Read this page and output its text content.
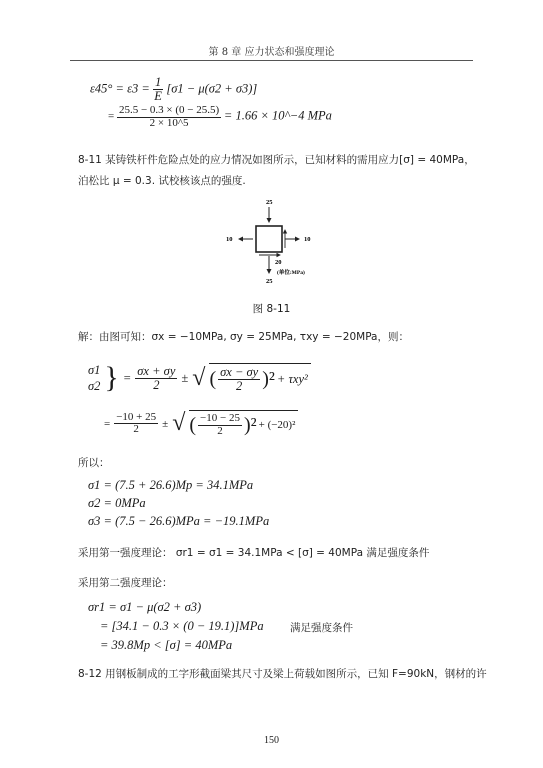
第 8 章 应力状态和强度理论
$\varepsilon 45^\circ = \varepsilon 3 = \frac{1}{E} [\sigma 1 - \mu(\sigma 2 + \sigma 3)]$
= $\frac{25.5 - 0.3 \times (0 - 25.5)}{2 \times 10\^{}5} = 1.66$ × 10^−4 MPa
8-11 某铸铁杆件危险点处的应力情况如图所示，已知材料的需用应力[σ] = 40MPa，
泊松比 μ = 0.3. 试校核该点的强度.
25
25
10	10
20
(单位:MPa)
图 8-11
解：由图可知：σx = −10MPa, σy = 25MPa, τxy = −20MPa，则：
σ1
σ2 } = $\frac{\sigma x + \sigma y}{2}$ ± √ ( $\frac{\sigma x - \sigma y}{2} )^2 + \tau xy^2$
= $\frac{-10 + 25}{2}$ ± √ ( $\frac{-10 - 25}{2} )^2 + (-20)^2$
所以：
σ1 = (7.5 + 26.6)Mp = 34.1MPa
σ2 = 0MPa
σ3 = (7.5 − 26.6)MPa = −19.1MPa
采用第一强度理论： σr1 = σ1 = 34.1MPa < [σ] = 40MPa 满足强度条件
采用第二强度理论：
σr1 = σ1 − μ(σ2 + σ3)
= [34.1 − 0.3 × (0 − 19.1)]MPa	满足强度条件
= 39.8Mp < [σ] = 40MPa
8-12 用钢板制成的工字形截面梁其尺寸及梁上荷载如图所示，已知 F=90kN，钢材的许
150
